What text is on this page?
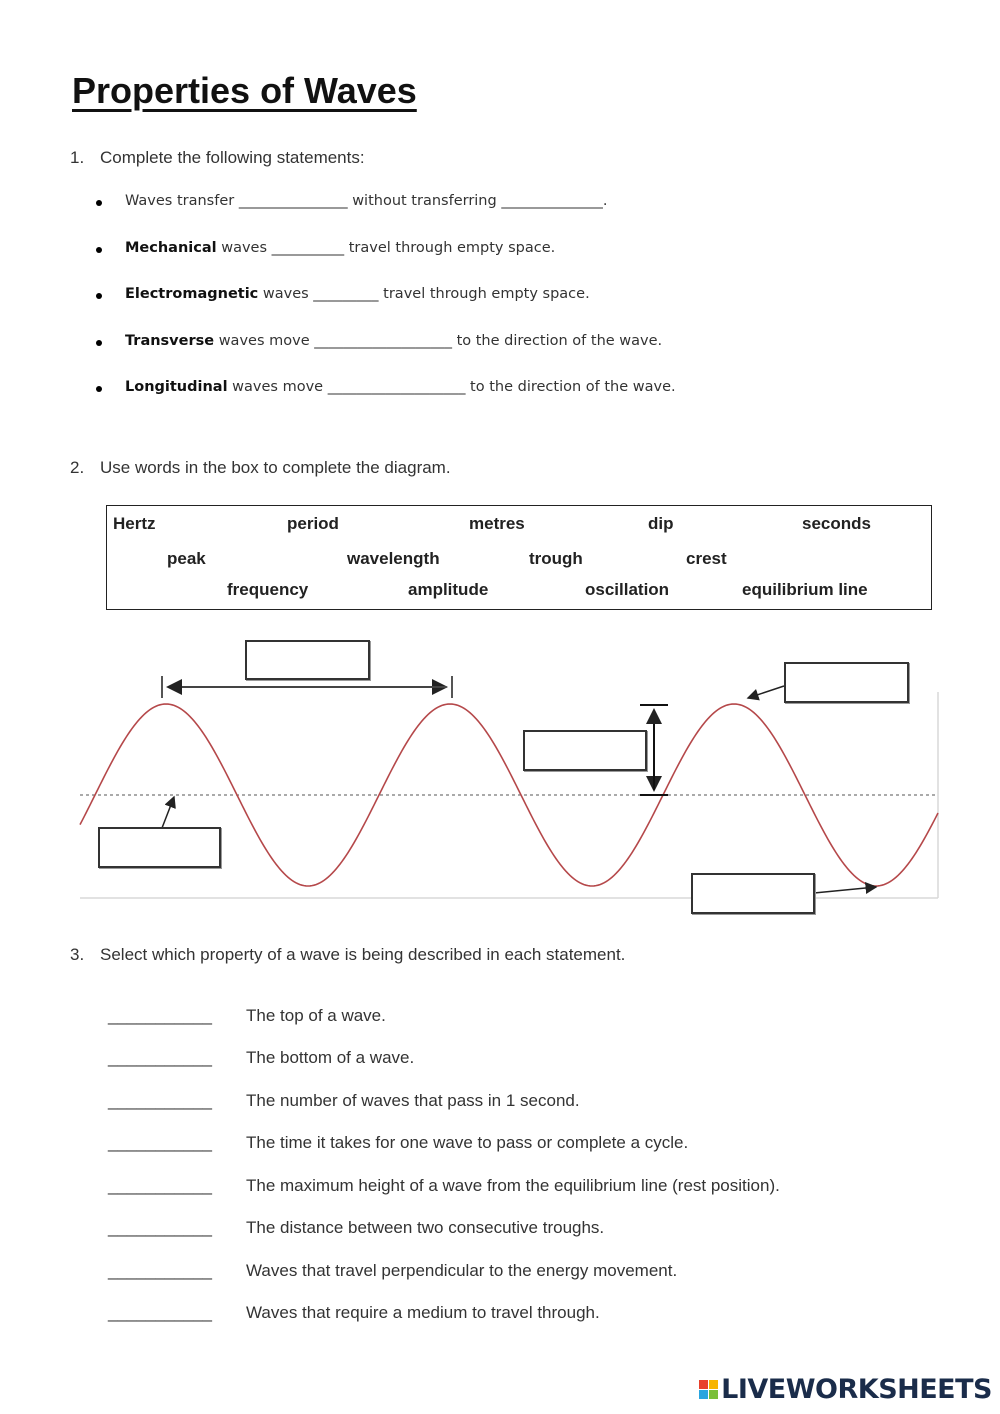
Properties of Waves
1. Complete the following statements:
Waves transfer _______________ without transferring ______________.
Mechanical waves __________ travel through empty space.
Electromagnetic waves _________ travel through empty space.
Transverse waves move ___________________ to the direction of the wave.
Longitudinal waves move ___________________ to the direction of the wave.
2. Use words in the box to complete the diagram.
Hertz	period	metres	dip	seconds
peak	wavelength	trough	crest
frequency	amplitude	oscillation	equilibrium line
3. Select which property of a wave is being described in each statement.
___________ The top of a wave.
___________ The bottom of a wave.
___________ The number of waves that pass in 1 second.
___________ The time it takes for one wave to pass or complete a cycle.
___________ The maximum height of a wave from the equilibrium line (rest position).
___________ The distance between two consecutive troughs.
___________ Waves that travel perpendicular to the energy movement.
___________ Waves that require a medium to travel through.
LIVEWORKSHEETS
